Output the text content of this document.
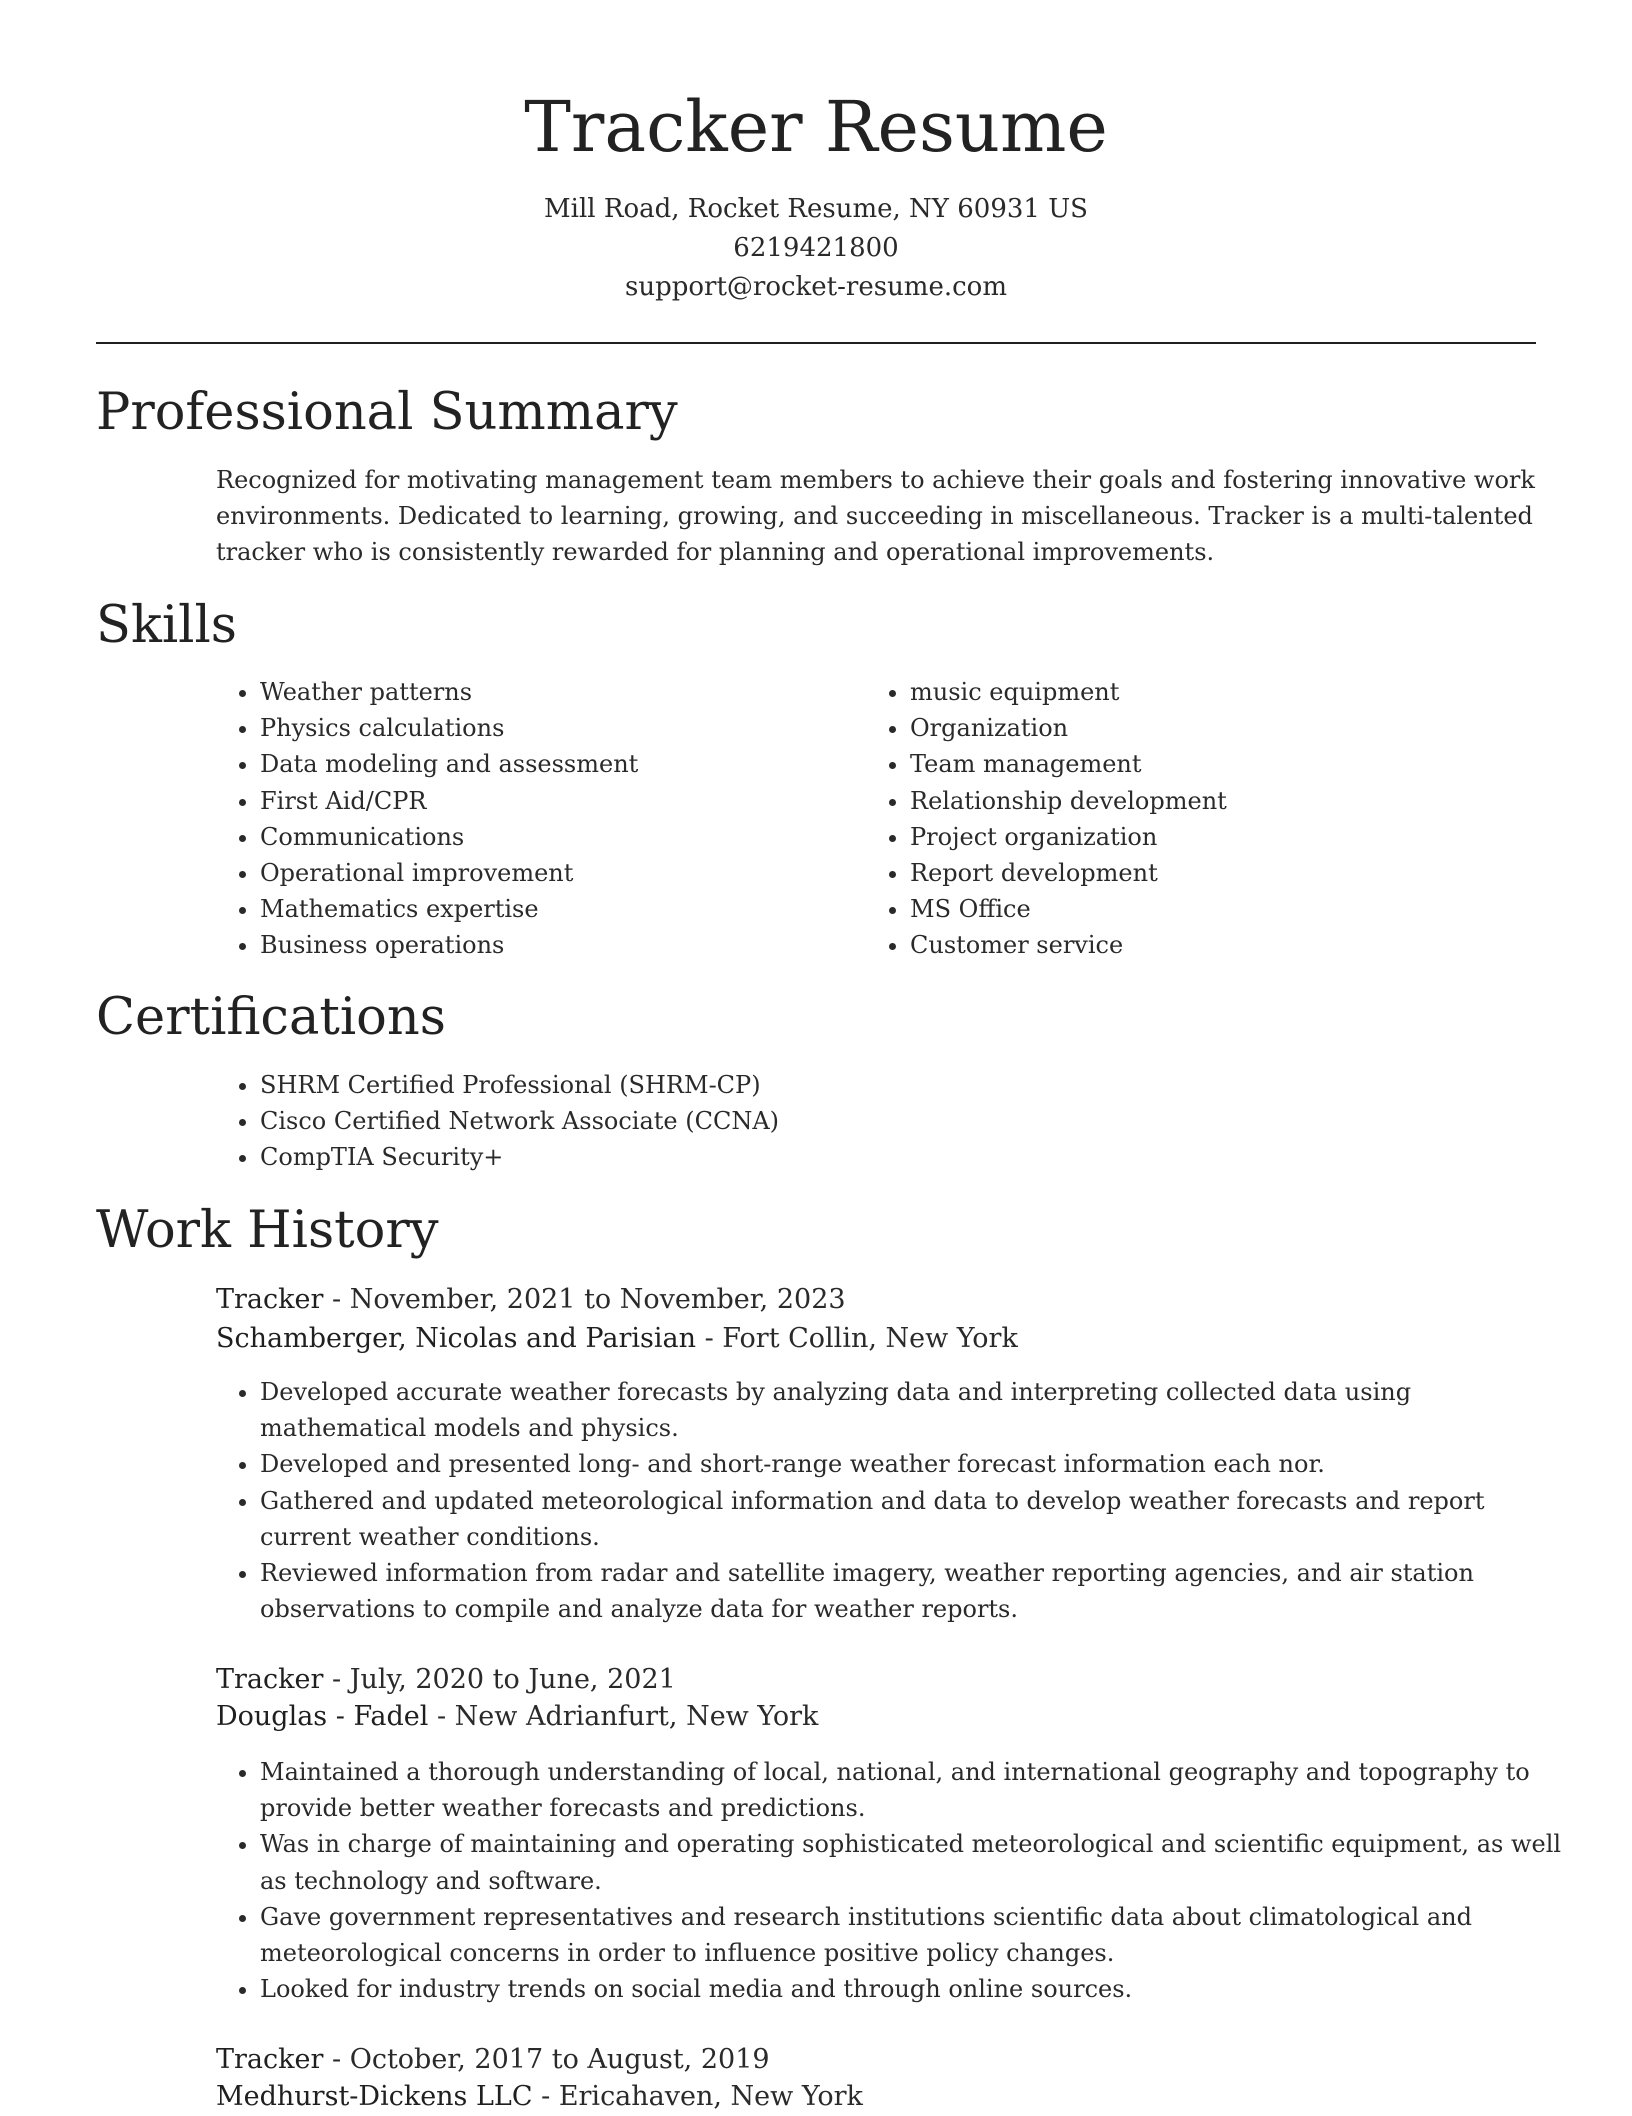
Tracker Resume
Mill Road, Rocket Resume, NY 60931 US
6219421800
support@rocket-resume.com
Professional Summary
Recognized for motivating management team members to achieve their goals and fostering innovative work environments. Dedicated to learning, growing, and succeeding in miscellaneous. Tracker is a multi-talented tracker who is consistently rewarded for planning and operational improvements.
Skills
• Weather patterns
• Physics calculations
• Data modeling and assessment
• First Aid/CPR
• Communications
• Operational improvement
• Mathematics expertise
• Business operations
• music equipment
• Organization
• Team management
• Relationship development
• Project organization
• Report development
• MS Office
• Customer service
Certifications
• SHRM Certified Professional (SHRM-CP)
• Cisco Certified Network Associate (CCNA)
• CompTIA Security+
Work History
Tracker - November, 2021 to November, 2023
Schamberger, Nicolas and Parisian - Fort Collin, New York
• Developed accurate weather forecasts by analyzing data and interpreting collected data using mathematical models and physics.
• Developed and presented long- and short-range weather forecast information each nor.
• Gathered and updated meteorological information and data to develop weather forecasts and report current weather conditions.
• Reviewed information from radar and satellite imagery, weather reporting agencies, and air station observations to compile and analyze data for weather reports.
Tracker - July, 2020 to June, 2021
Douglas - Fadel - New Adrianfurt, New York
• Maintained a thorough understanding of local, national, and international geography and topography to provide better weather forecasts and predictions.
• Was in charge of maintaining and operating sophisticated meteorological and scientific equipment, as well as technology and software.
• Gave government representatives and research institutions scientific data about climatological and meteorological concerns in order to influence positive policy changes.
• Looked for industry trends on social media and through online sources.
Tracker - October, 2017 to August, 2019
Medhurst-Dickens LLC - Ericahaven, New York
